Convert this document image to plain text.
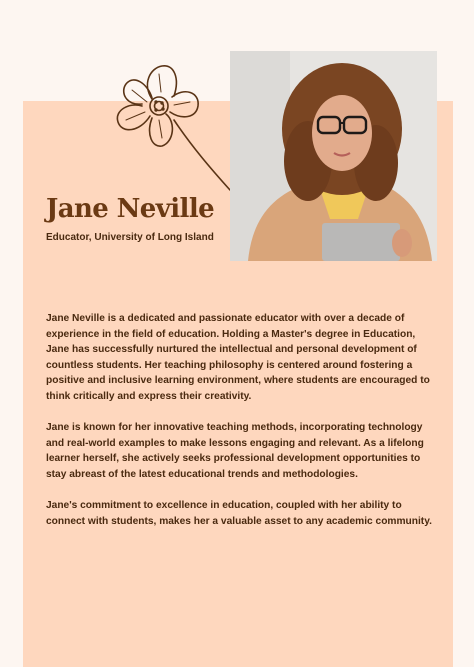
Jane Neville

Educator, University of Long Island

Jane Neville is a dedicated and passionate educator with over a decade of experience in the field of education. Holding a Master's degree in Education, Jane has successfully nurtured the intellectual and personal development of countless students. Her teaching philosophy is centered around fostering a positive and inclusive learning environment, where students are encouraged to think critically and express their creativity.

Jane is known for her innovative teaching methods, incorporating technology and real-world examples to make lessons engaging and relevant. As a lifelong learner herself, she actively seeks professional development opportunities to stay abreast of the latest educational trends and methodologies.

Jane's commitment to excellence in education, coupled with her ability to connect with students, makes her a valuable asset to any academic community.
